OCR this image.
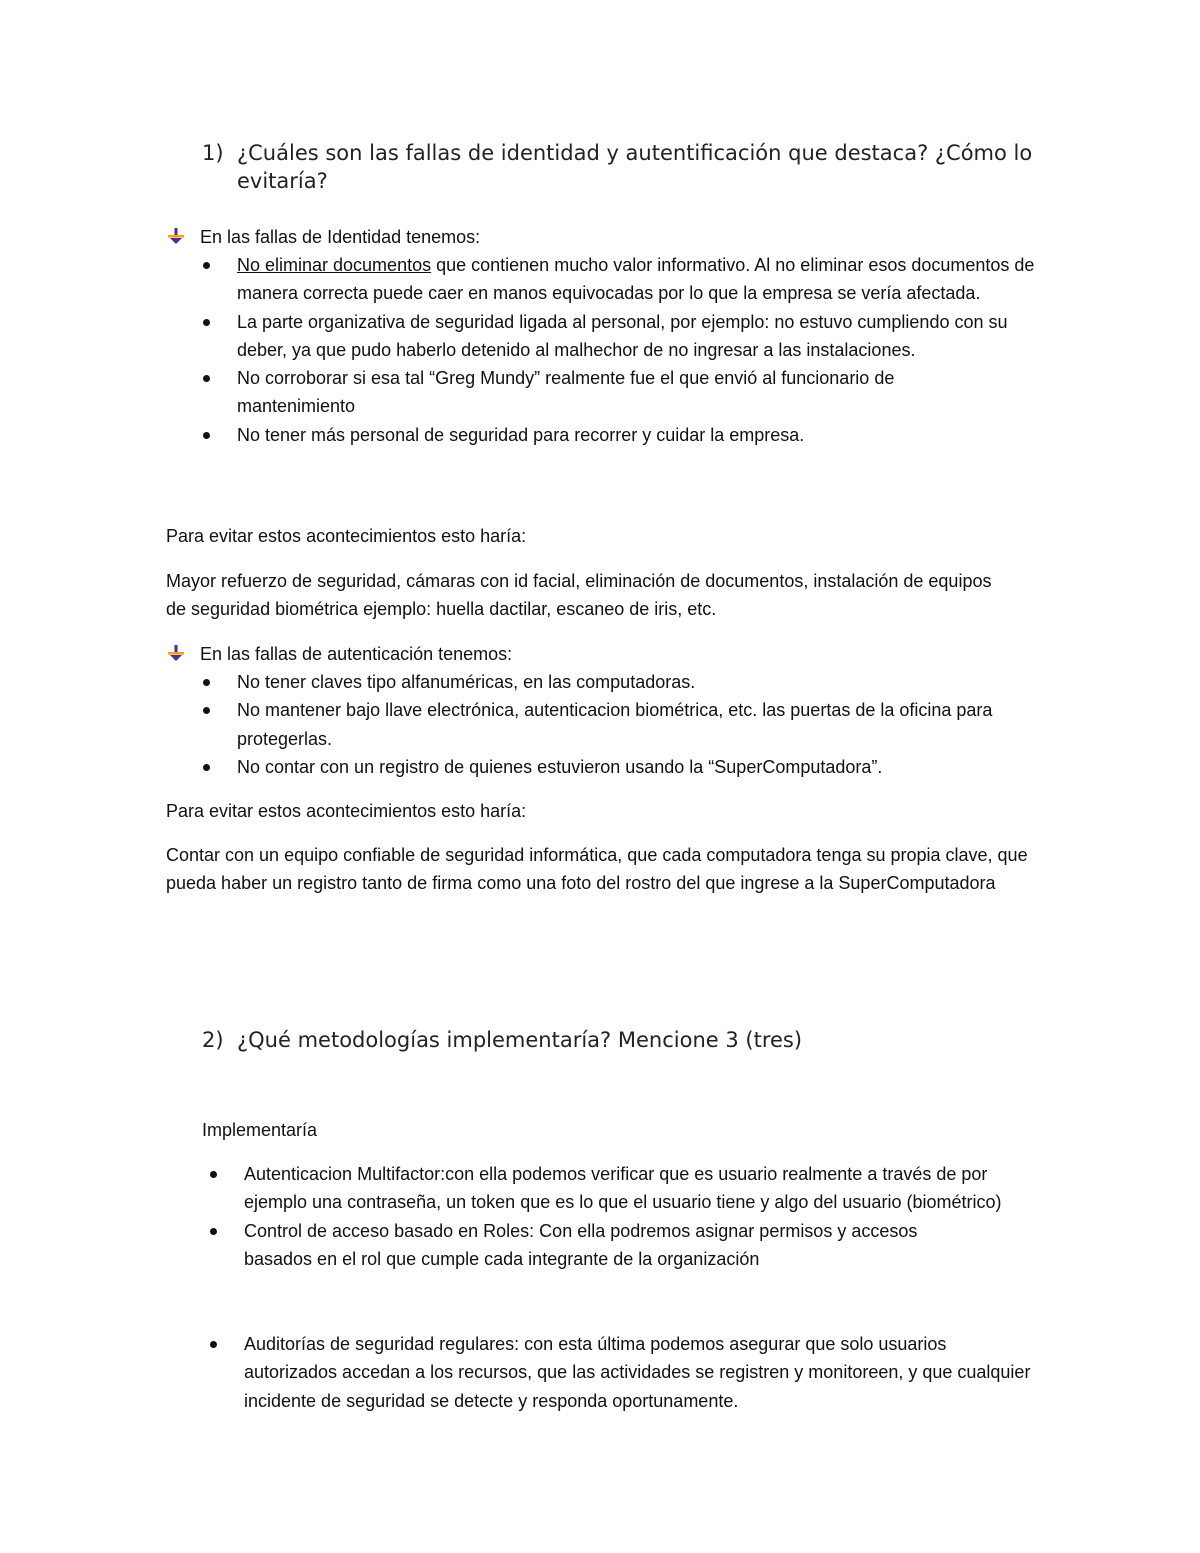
1) ¿Cuáles son las fallas de identidad y autentificación que destaca? ¿Cómo lo evitaría?

En las fallas de Identidad tenemos:

No eliminar documentos que contienen mucho valor informativo. Al no eliminar esos documentos de manera correcta puede caer en manos equivocadas por lo que la empresa se vería afectada.
La parte organizativa de seguridad ligada al personal, por ejemplo: no estuvo cumpliendo con su deber, ya que pudo haberlo detenido al malhechor de no ingresar a las instalaciones.
No corroborar si esa tal “Greg Mundy” realmente fue el que envió al funcionario de mantenimiento
No tener más personal de seguridad para recorrer y cuidar la empresa.

Para evitar estos acontecimientos esto haría:

Mayor refuerzo de seguridad, cámaras con id facial, eliminación de documentos, instalación de equipos de seguridad biométrica ejemplo: huella dactilar, escaneo de iris, etc.

En las fallas de autenticación tenemos:

No tener claves tipo alfanuméricas, en las computadoras.
No mantener bajo llave electrónica, autenticacion biométrica, etc. las puertas de la oficina para protegerlas.
No contar con un registro de quienes estuvieron usando la “SuperComputadora”.

Para evitar estos acontecimientos esto haría:

Contar con un equipo confiable de seguridad informática, que cada computadora tenga su propia clave, que pueda haber un registro tanto de firma como una foto del rostro del que ingrese a la SuperComputadora

2) ¿Qué metodologías implementaría? Mencione 3 (tres)

Implementaría

Autenticacion Multifactor:con ella podemos verificar que es usuario realmente a través de por ejemplo una contraseña, un token que es lo que el usuario tiene y algo del usuario (biométrico)
Control de acceso basado en Roles: Con ella podremos asignar permisos y accesos basados en el rol que cumple cada integrante de la organización
Auditorías de seguridad regulares: con esta última podemos asegurar que solo usuarios autorizados accedan a los recursos, que las actividades se registren y monitoreen, y que cualquier incidente de seguridad se detecte y responda oportunamente.
